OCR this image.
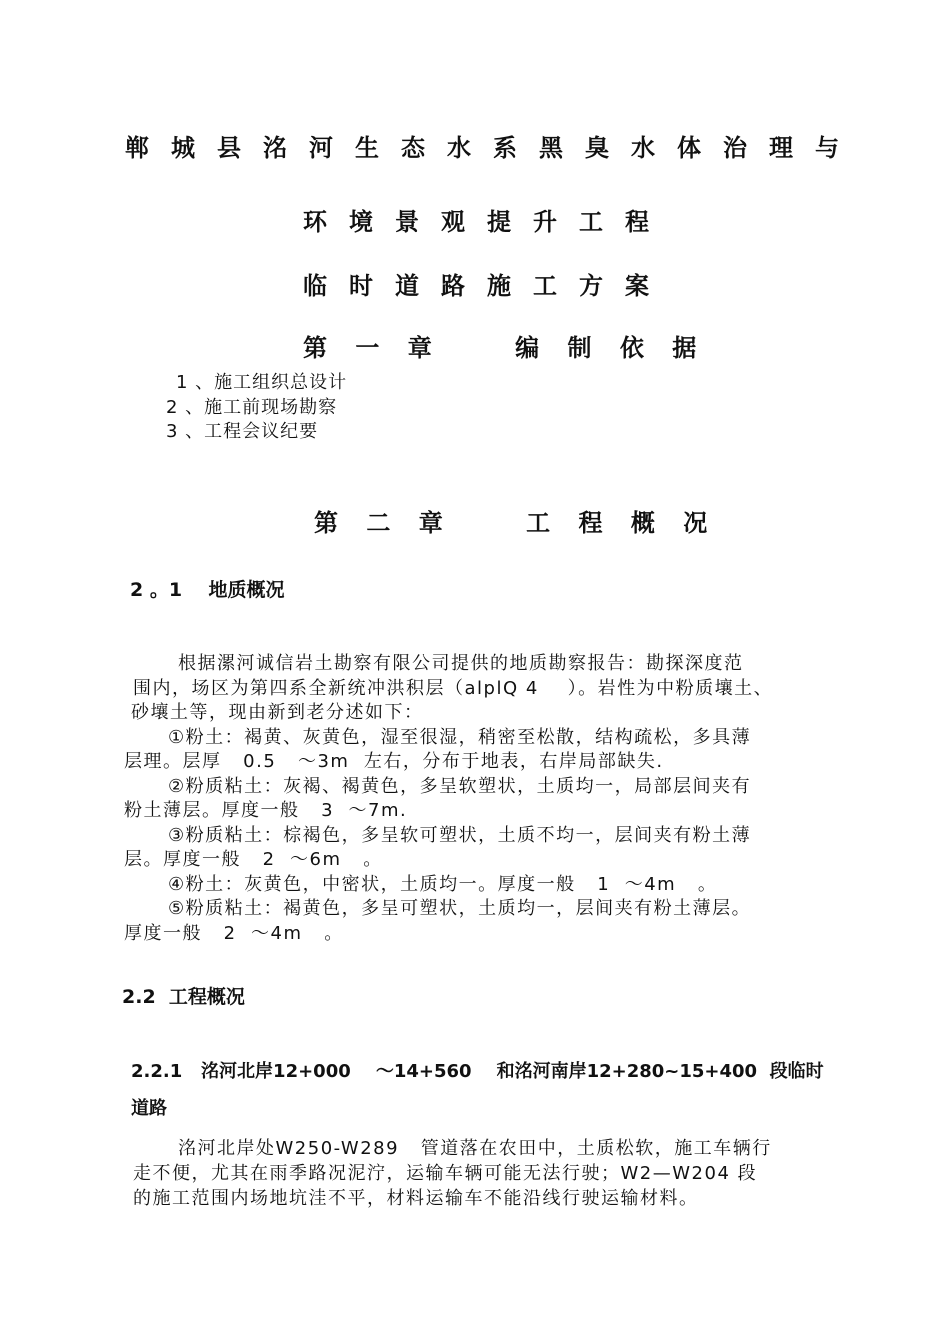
郸城县洺河生态水系黑臭水体治理与
环境景观提升工程
临时道路施工方案
第 一 章    编 制 依 据
1 、施工组织总设计
2 、施工前现场勘察
3 、工程会议纪要
第 二 章    工 程 概 况
2 。1    地质概况
根据漯河诚信岩土勘察有限公司提供的地质勘察报告：勘探深度范
围内，场区为第四系全新统冲洪积层（alplQ 4    ）。岩性为中粉质壤土、
砂壤土等，现由新到老分述如下：
①粉土：褐黄、灰黄色，湿至很湿，稍密至松散，结构疏松，多具薄
层理。层厚   0.5   ～3m  左右，分布于地表，右岸局部缺失.
②粉质粘土：灰褐、褐黄色，多呈软塑状，土质均一，局部层间夹有
粉土薄层。厚度一般   3  ～7m.
③粉质粘土：棕褐色，多呈软可塑状，土质不均一，层间夹有粉土薄
层。厚度一般   2  ～6m   。
④粉土：灰黄色，中密状，土质均一。厚度一般   1  ～4m   。
⑤粉质粘土：褐黄色，多呈可塑状，土质均一，层间夹有粉土薄层。
厚度一般   2  ～4m   。
2.2  工程概况
2.2.1   洺河北岸12+000    ～14+560    和洺河南岸12+280~15+400  段临时
道路
洺河北岸处W250-W289   管道落在农田中，土质松软，施工车辆行
走不便，尤其在雨季路况泥泞，运输车辆可能无法行驶；W2—W204 段
的施工范围内场地坑洼不平，材料运输车不能沿线行驶运输材料。
